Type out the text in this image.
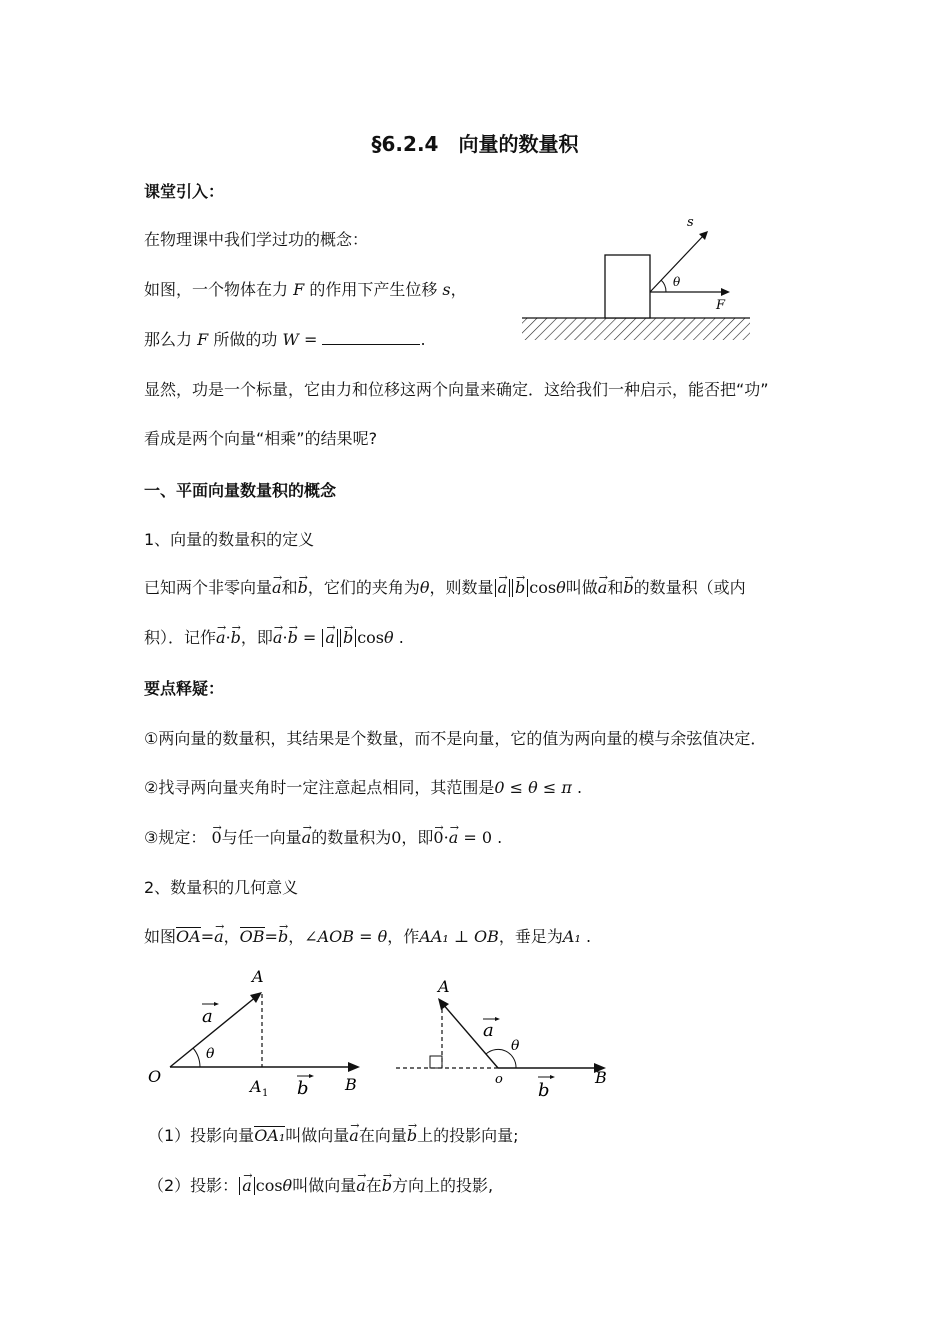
§6.2.4　向量的数量积
课堂引入：
在物理课中我们学过功的概念：
如图，一个物体在力 F 的作用下产生位移 s，
那么力 F 所做的功 W =	.
s
θ
F
显然，功是一个标量，它由力和位移这两个向量来确定．这给我们一种启示，能否把“功”
看成是两个向量“相乘”的结果呢?
一、平面向量数量积的概念
1、向量的数量积的定义
已知两个非零向量→ a和→ b，它们的夹角为θ，则数量 → a → b cosθ叫做→ a和→ b的数量积（或内
积）．记作→ a·→ b，即→ a·→ b = → a → b cosθ .
要点释疑：
①两向量的数量积，其结果是个数量，而不是向量，它的值为两向量的模与余弦值决定．
②找寻两向量夹角时一定注意起点相同，其范围是0 ≤ θ ≤ π .
③规定： → 0与任一向量→ a的数量积为0，即→ 0·→ a = 0 .
2、数量积的几何意义
如图OA=→ a，OB=→ b，∠AOB = θ，作AA₁ ⊥ OB，垂足为A₁ .
A
O
A 1	B
a
b
θ
A
o	B
a
θ
b
（1）投影向量OA₁叫做向量→ a在向量→ b上的投影向量;
（2）投影： → a cosθ叫做向量→ a在→ b方向上的投影,
